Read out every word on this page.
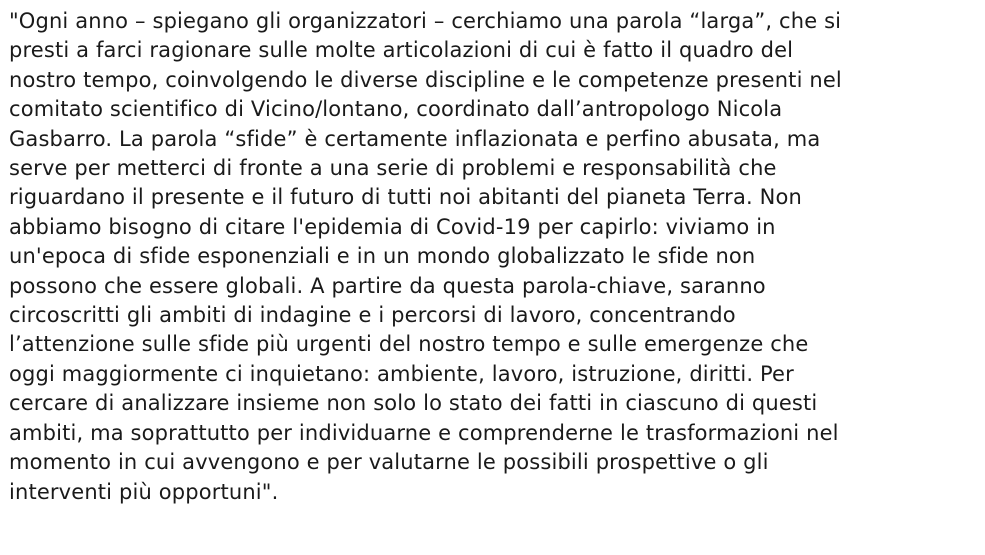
"Ogni anno – spiegano gli organizzatori – cerchiamo una parola “larga”, che si
presti a farci ragionare sulle molte articolazioni di cui è fatto il quadro del
nostro tempo, coinvolgendo le diverse discipline e le competenze presenti nel
comitato scientifico di Vicino/lontano, coordinato dall’antropologo Nicola
Gasbarro. La parola “sfide” è certamente inflazionata e perfino abusata, ma
serve per metterci di fronte a una serie di problemi e responsabilità che
riguardano il presente e il futuro di tutti noi abitanti del pianeta Terra. Non
abbiamo bisogno di citare l'epidemia di Covid-19 per capirlo: viviamo in
un'epoca di sfide esponenziali e in un mondo globalizzato le sfide non
possono che essere globali. A partire da questa parola-chiave, saranno
circoscritti gli ambiti di indagine e i percorsi di lavoro, concentrando
l’attenzione sulle sfide più urgenti del nostro tempo e sulle emergenze che
oggi maggiormente ci inquietano: ambiente, lavoro, istruzione, diritti. Per
cercare di analizzare insieme non solo lo stato dei fatti in ciascuno di questi
ambiti, ma soprattutto per individuarne e comprenderne le trasformazioni nel
momento in cui avvengono e per valutarne le possibili prospettive o gli
interventi più opportuni".
